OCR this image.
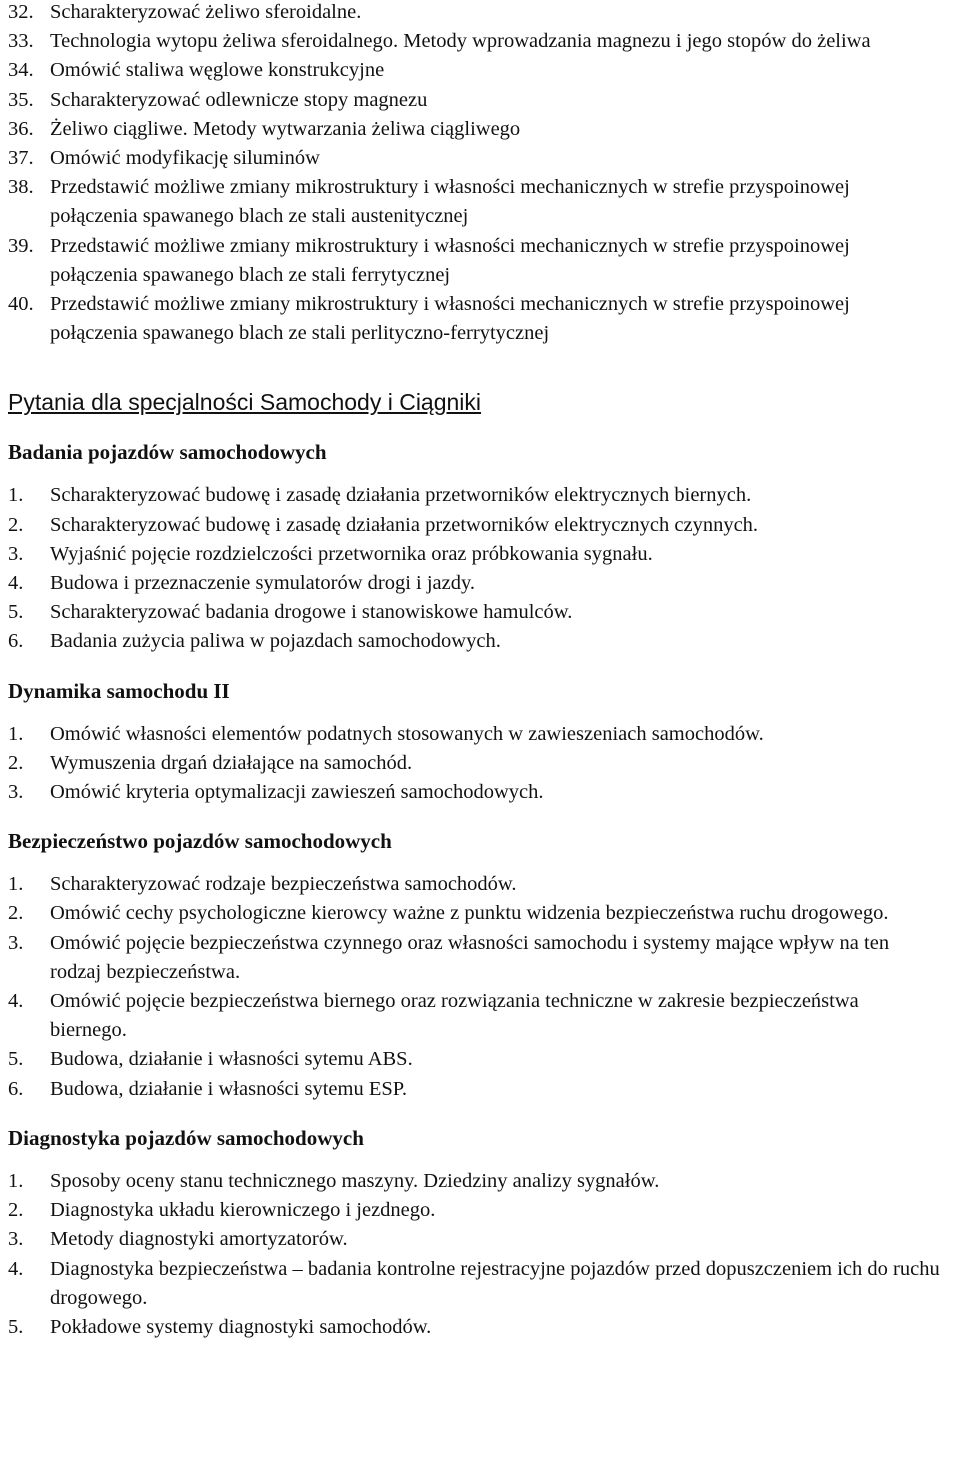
32. Scharakteryzować żeliwo sferoidalne.
33. Technologia wytopu żeliwa sferoidalnego. Metody wprowadzania magnezu i jego stopów do żeliwa
34. Omówić staliwa węglowe konstrukcyjne
35. Scharakteryzować odlewnicze stopy magnezu
36. Żeliwo ciągliwe. Metody wytwarzania żeliwa ciągliwego
37. Omówić modyfikację siluminów
38. Przedstawić możliwe zmiany mikrostruktury i własności mechanicznych w strefie przyspoinowej połączenia spawanego blach ze stali austenitycznej
39. Przedstawić możliwe zmiany mikrostruktury i własności mechanicznych w strefie przyspoinowej połączenia spawanego blach ze stali ferrytycznej
40. Przedstawić możliwe zmiany mikrostruktury i własności mechanicznych w strefie przyspoinowej połączenia spawanego blach ze stali perlityczno-ferrytycznej
Pytania dla specjalności Samochody i Ciągniki
Badania pojazdów samochodowych
1.	Scharakteryzować budowę i zasadę działania przetworników elektrycznych biernych.
2.	Scharakteryzować budowę i zasadę działania przetworników elektrycznych czynnych.
3.	Wyjaśnić pojęcie rozdzielczości przetwornika oraz próbkowania sygnału.
4.	Budowa i przeznaczenie symulatorów drogi i jazdy.
5.	Scharakteryzować badania drogowe i stanowiskowe hamulców.
6.	Badania zużycia paliwa w pojazdach samochodowych.
Dynamika samochodu II
1.	Omówić własności elementów podatnych stosowanych w zawieszeniach samochodów.
2.	Wymuszenia drgań działające na samochód.
3.	Omówić kryteria optymalizacji zawieszeń samochodowych.
Bezpieczeństwo pojazdów samochodowych
1.	Scharakteryzować rodzaje bezpieczeństwa samochodów.
2.	Omówić cechy psychologiczne kierowcy ważne z punktu widzenia bezpieczeństwa ruchu drogowego.
3.	Omówić pojęcie bezpieczeństwa czynnego oraz własności samochodu i systemy mające wpływ na ten rodzaj bezpieczeństwa.
4.	Omówić pojęcie bezpieczeństwa biernego oraz rozwiązania techniczne w zakresie bezpieczeństwa biernego.
5.	Budowa, działanie i własności sytemu ABS.
6.	Budowa, działanie i własności sytemu ESP.
Diagnostyka pojazdów samochodowych
1.	Sposoby oceny stanu technicznego maszyny. Dziedziny analizy sygnałów.
2.	Diagnostyka układu kierowniczego i jezdnego.
3.	Metody diagnostyki amortyzatorów.
4.	Diagnostyka bezpieczeństwa – badania kontrolne rejestracyjne pojazdów przed dopuszczeniem ich do ruchu drogowego.
5.	Pokładowe systemy diagnostyki samochodów.
